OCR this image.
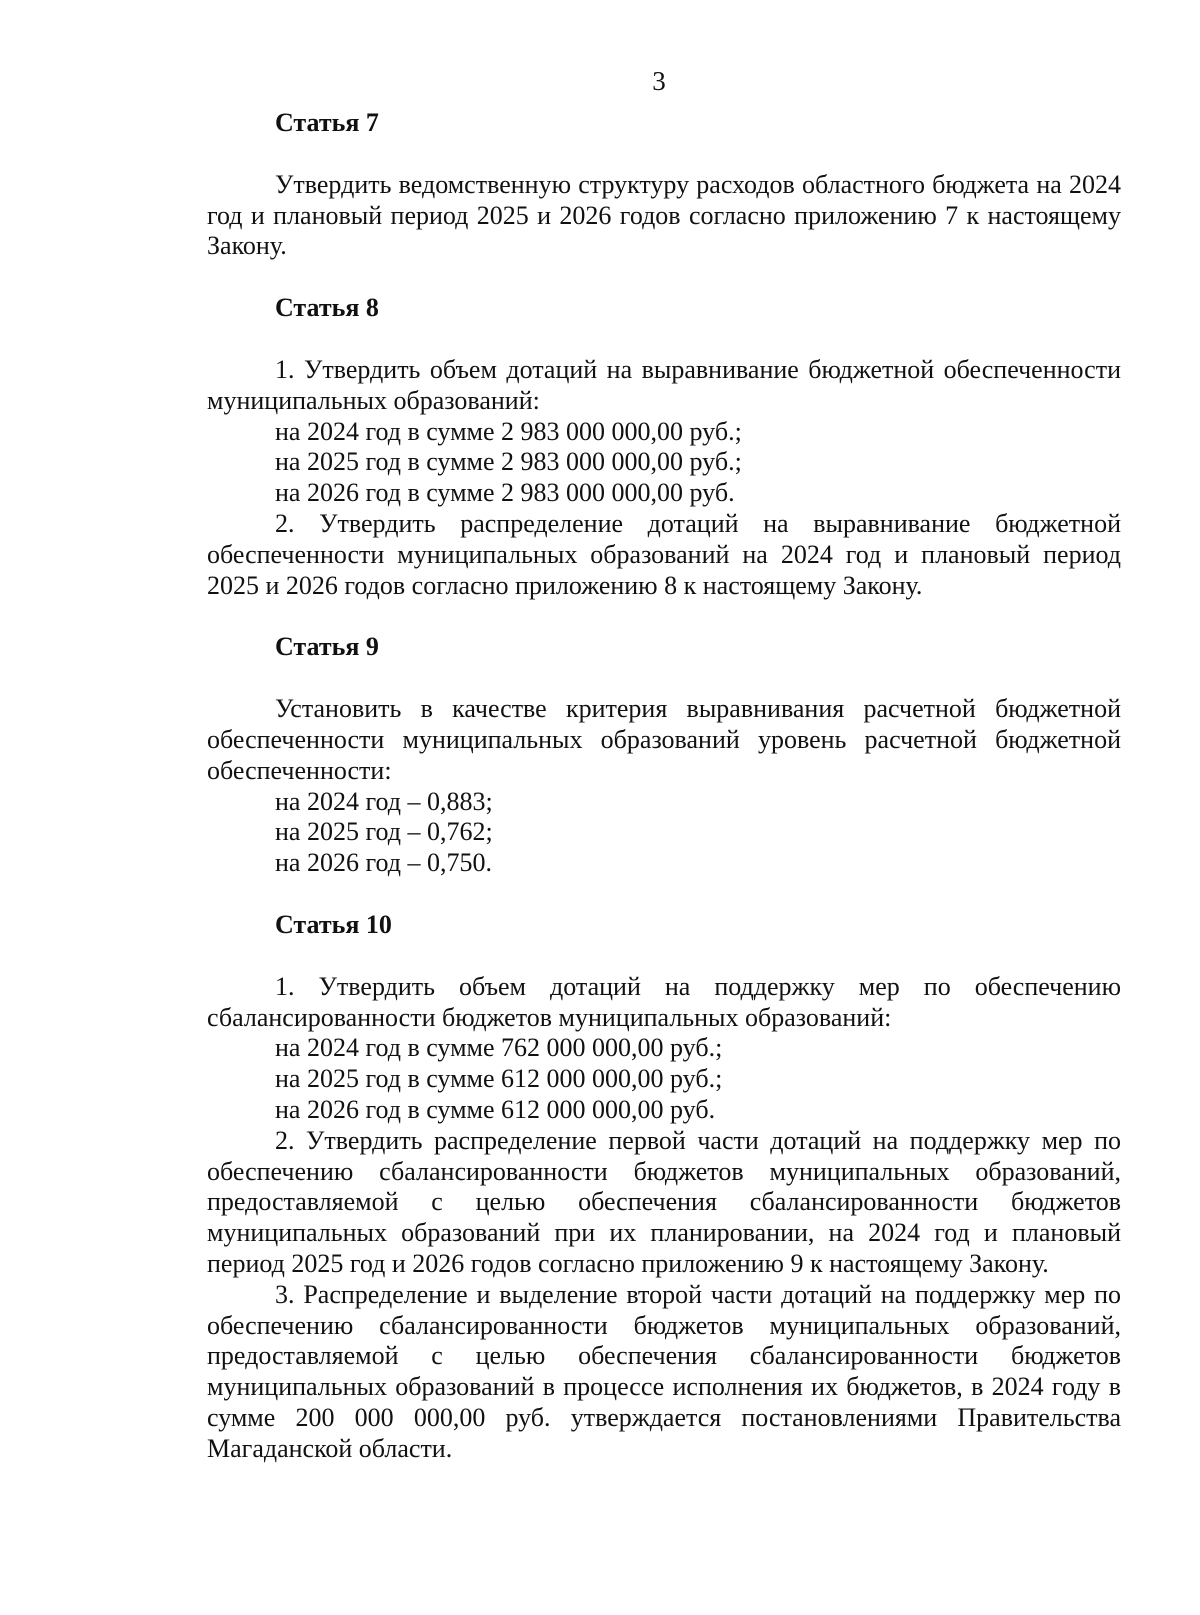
3
Статья 7

Утвердить ведомственную структуру расходов областного бюджета на 2024 год и плановый период 2025 и 2026 годов согласно приложению 7 к настоящему Закону.

Статья 8

1. Утвердить объем дотаций на выравнивание бюджетной обеспеченности муниципальных образований:

на 2024 год в сумме 2 983 000 000,00 руб.;

на 2025 год в сумме 2 983 000 000,00 руб.;

на 2026 год в сумме 2 983 000 000,00 руб.

2. Утвердить распределение дотаций на выравнивание бюджетной обеспеченности муниципальных образований на 2024 год и плановый период 2025 и 2026 годов согласно приложению 8 к настоящему Закону.

Статья 9

Установить в качестве критерия выравнивания расчетной бюджетной обеспеченности муниципальных образований уровень расчетной бюджетной обеспеченности:

на 2024 год – 0,883;

на 2025 год – 0,762;

на 2026 год – 0,750.

Статья 10

1. Утвердить объем дотаций на поддержку мер по обеспечению сбалансированности бюджетов муниципальных образований:

на 2024 год в сумме 762 000 000,00 руб.;

на 2025 год в сумме 612 000 000,00 руб.;

на 2026 год в сумме 612 000 000,00 руб.

2. Утвердить распределение первой части дотаций на поддержку мер по обеспечению сбалансированности бюджетов муниципальных образований, предоставляемой с целью обеспечения сбалансированности бюджетов муниципальных образований при их планировании, на 2024 год и плановый период 2025 год и 2026 годов согласно приложению 9 к настоящему Закону.

3. Распределение и выделение второй части дотаций на поддержку мер по обеспечению сбалансированности бюджетов муниципальных образований, предоставляемой с целью обеспечения сбалансированности бюджетов муниципальных образований в процессе исполнения их бюджетов, в 2024 году в сумме 200 000 000,00 руб. утверждается постановлениями Правительства Магаданской области.
